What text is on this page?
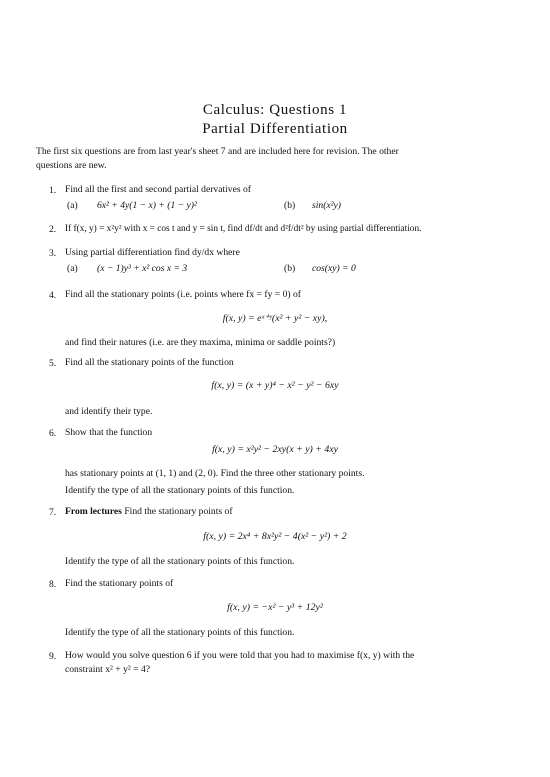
Calculus: Questions 1
Partial Differentiation
The first six questions are from last year's sheet 7 and are included here for revision. The other
questions are new.
1. Find all the first and second partial dervatives of
(a) 6x² + 4y(1 − x) + (1 − y)²	(b) sin(x²y)
2. If f(x, y) = x²y² with x = cos t and y = sin t, find df/dt and d²f/dt² by using partial differentiation.
3. Using partial differentiation find dy/dx where
(a) (x − 1)y³ + x² cos x = 3	(b) cos(xy) = 0
4. Find all the stationary points (i.e. points where fx = fy = 0) of
f(x, y) = eˣ⁺ʸ(x² + y² − xy),
and find their natures (i.e. are they maxima, minima or saddle points?)
5. Find all the stationary points of the function
f(x, y) = (x + y)⁴ − x² − y² − 6xy
and identify their type.
6. Show that the function
f(x, y) = x²y² − 2xy(x + y) + 4xy
has stationary points at (1, 1) and (2, 0). Find the three other stationary points.
Identify the type of all the stationary points of this function.
7. From lectures Find the stationary points of
f(x, y) = 2x⁴ + 8x²y² − 4(x² − y²) + 2
Identify the type of all the stationary points of this function.
8. Find the stationary points of
f(x, y) = −x² − y³ + 12y²
Identify the type of all the stationary points of this function.
9. How would you solve question 6 if you were told that you had to maximise f(x, y) with the
constraint x² + y² = 4?
